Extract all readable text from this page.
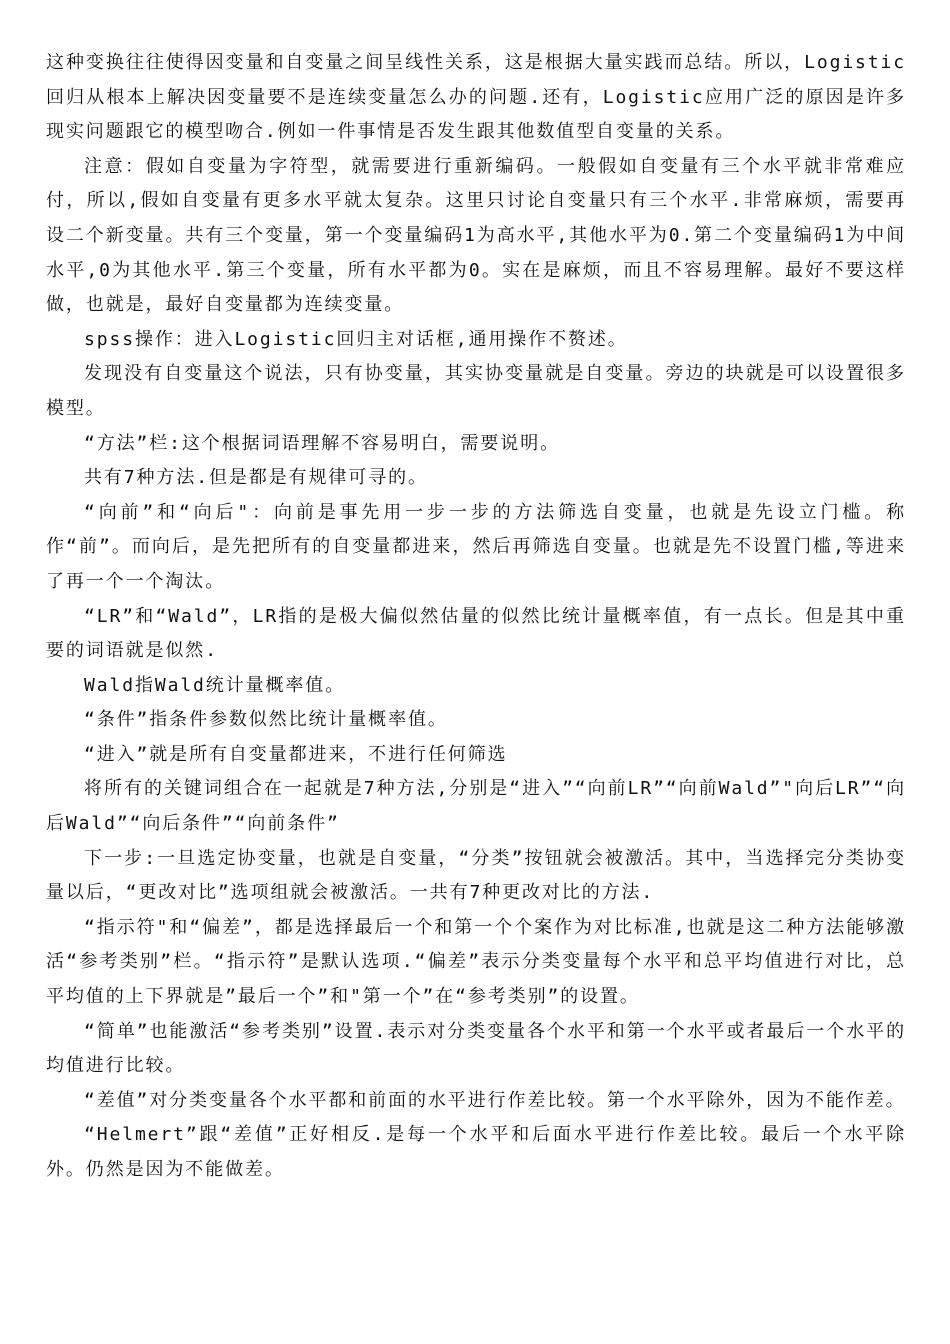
这种变换往往使得因变量和自变量之间呈线性关系，这是根据大量实践而总结。所以，Logistic回归从根本上解决因变量要不是连续变量怎么办的问题.还有，Logistic应用广泛的原因是许多现实问题跟它的模型吻合.例如一件事情是否发生跟其他数值型自变量的关系。

注意：假如自变量为字符型，就需要进行重新编码。一般假如自变量有三个水平就非常难应付，所以,假如自变量有更多水平就太复杂。这里只讨论自变量只有三个水平.非常麻烦，需要再设二个新变量。共有三个变量，第一个变量编码1为高水平,其他水平为0.第二个变量编码1为中间水平,0为其他水平.第三个变量，所有水平都为0。实在是麻烦，而且不容易理解。最好不要这样做，也就是，最好自变量都为连续变量。

spss操作：进入Logistic回归主对话框,通用操作不赘述。

发现没有自变量这个说法，只有协变量，其实协变量就是自变量。旁边的块就是可以设置很多模型。

“方法”栏:这个根据词语理解不容易明白，需要说明。

共有7种方法.但是都是有规律可寻的。

“向前”和“向后"：向前是事先用一步一步的方法筛选自变量，也就是先设立门槛。称作“前”。而向后，是先把所有的自变量都进来，然后再筛选自变量。也就是先不设置门槛,等进来了再一个一个淘汰。

“LR”和“Wald”，LR指的是极大偏似然估量的似然比统计量概率值，有一点长。但是其中重要的词语就是似然.

Wald指Wald统计量概率值。

“条件”指条件参数似然比统计量概率值。

“进入”就是所有自变量都进来，不进行任何筛选

将所有的关键词组合在一起就是7种方法,分别是“进入”“向前LR”“向前Wald”"向后LR”“向后Wald”“向后条件”“向前条件”

下一步:一旦选定协变量，也就是自变量，“分类”按钮就会被激活。其中，当选择完分类协变量以后，“更改对比”选项组就会被激活。一共有7种更改对比的方法.

“指示符"和“偏差”，都是选择最后一个和第一个个案作为对比标准,也就是这二种方法能够激活“参考类别”栏。“指示符”是默认选项.“偏差”表示分类变量每个水平和总平均值进行对比，总平均值的上下界就是”最后一个”和"第一个”在“参考类别”的设置。

“简单”也能激活“参考类别”设置.表示对分类变量各个水平和第一个水平或者最后一个水平的均值进行比较。

“差值”对分类变量各个水平都和前面的水平进行作差比较。第一个水平除外，因为不能作差。

“Helmert”跟“差值”正好相反.是每一个水平和后面水平进行作差比较。最后一个水平除外。仍然是因为不能做差。
